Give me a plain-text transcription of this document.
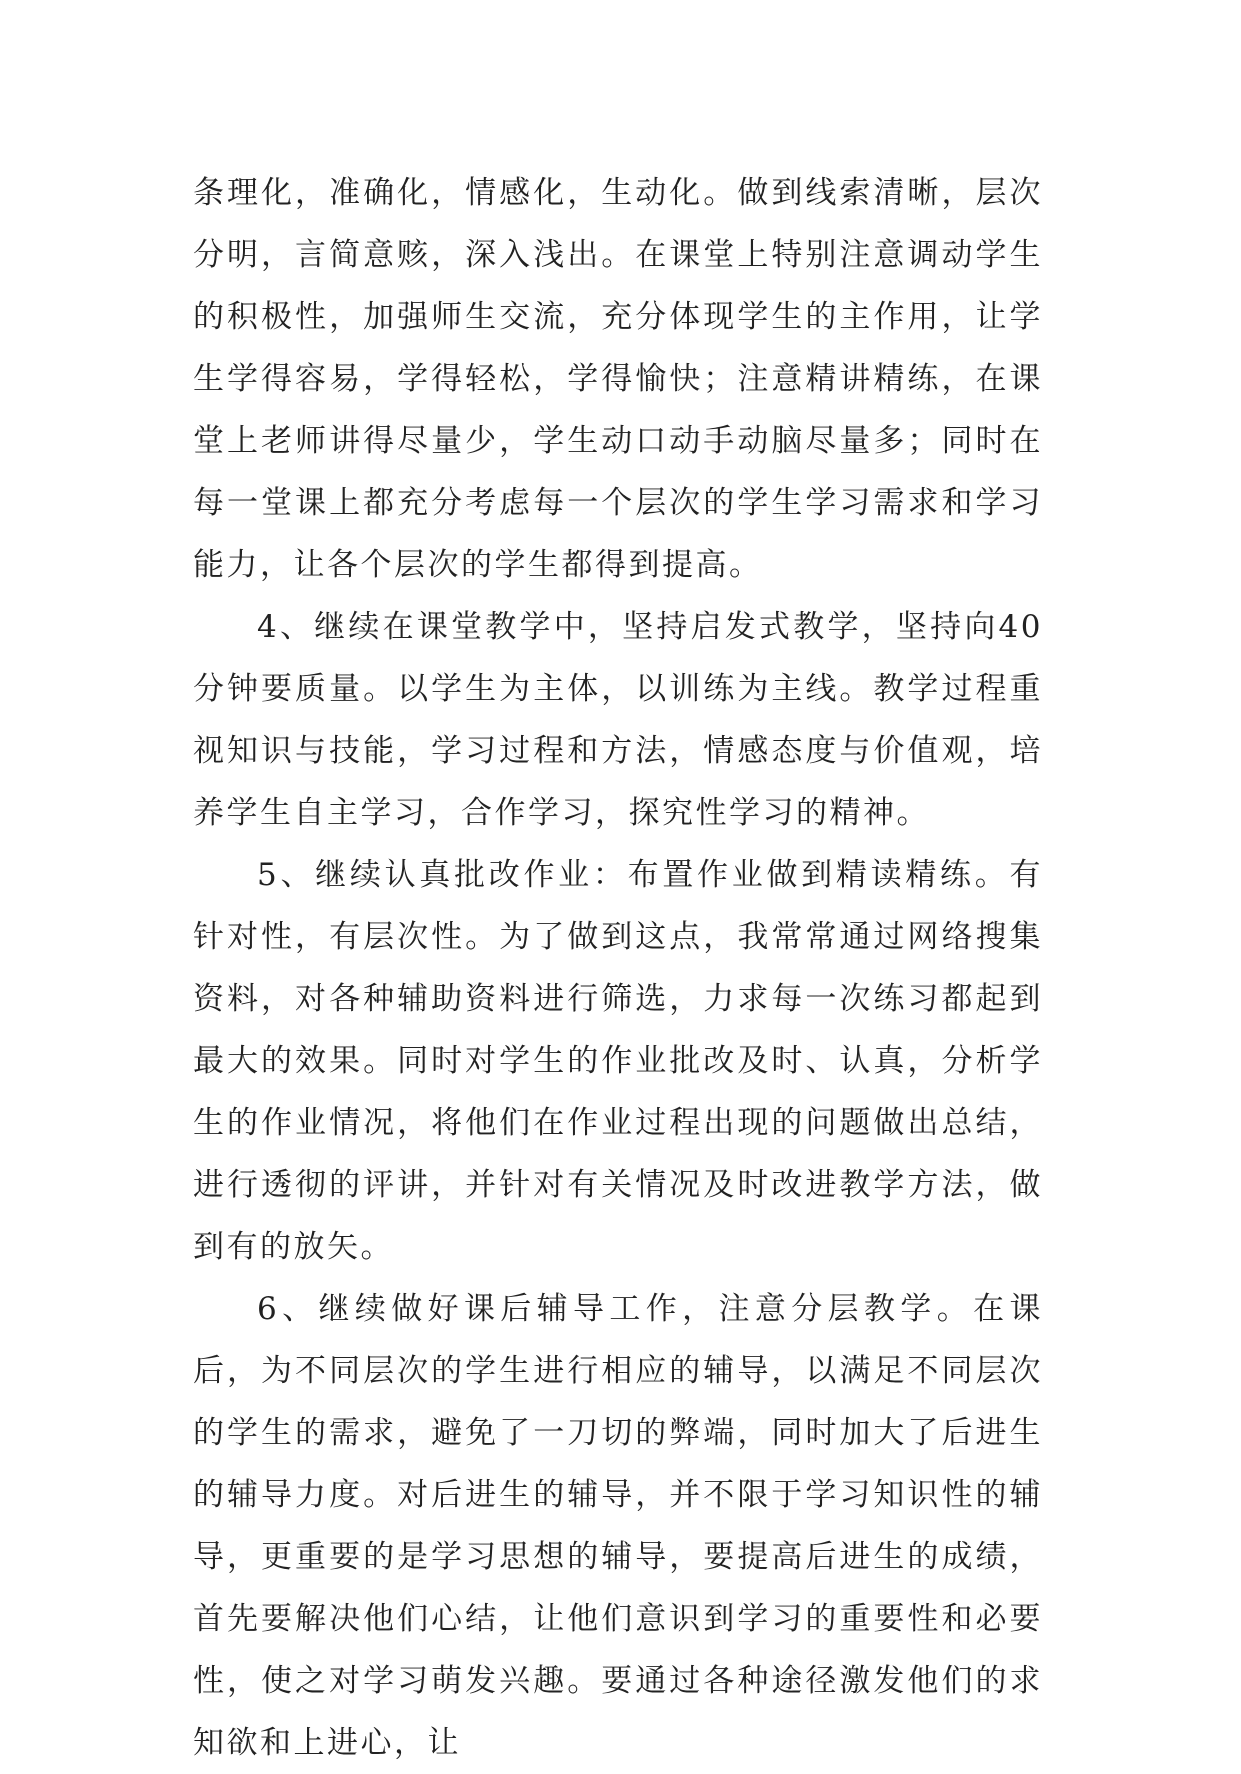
条理化，准确化，情感化，生动化。做到线索清晰，层次分明，言简意赅，深入浅出。在课堂上特别注意调动学生的积极性，加强师生交流，充分体现学生的主作用，让学生学得容易，学得轻松，学得愉快；注意精讲精练，在课堂上老师讲得尽量少，学生动口动手动脑尽量多；同时在每一堂课上都充分考虑每一个层次的学生学习需求和学习能力，让各个层次的学生都得到提高。

4、继续在课堂教学中，坚持启发式教学，坚持向40分钟要质量。以学生为主体，以训练为主线。教学过程重视知识与技能，学习过程和方法，情感态度与价值观，培养学生自主学习，合作学习，探究性学习的精神。

5、继续认真批改作业：布置作业做到精读精练。有针对性，有层次性。为了做到这点，我常常通过网络搜集资料，对各种辅助资料进行筛选，力求每一次练习都起到最大的效果。同时对学生的作业批改及时、认真，分析学生的作业情况，将他们在作业过程出现的问题做出总结，进行透彻的评讲，并针对有关情况及时改进教学方法，做到有的放矢。

6、继续做好课后辅导工作，注意分层教学。在课后，为不同层次的学生进行相应的辅导，以满足不同层次的学生的需求，避免了一刀切的弊端，同时加大了后进生的辅导力度。对后进生的辅导，并不限于学习知识性的辅导，更重要的是学习思想的辅导，要提高后进生的成绩，首先要解决他们心结，让他们意识到学习的重要性和必要性，使之对学习萌发兴趣。要通过各种途径激发他们的求知欲和上进心，让
